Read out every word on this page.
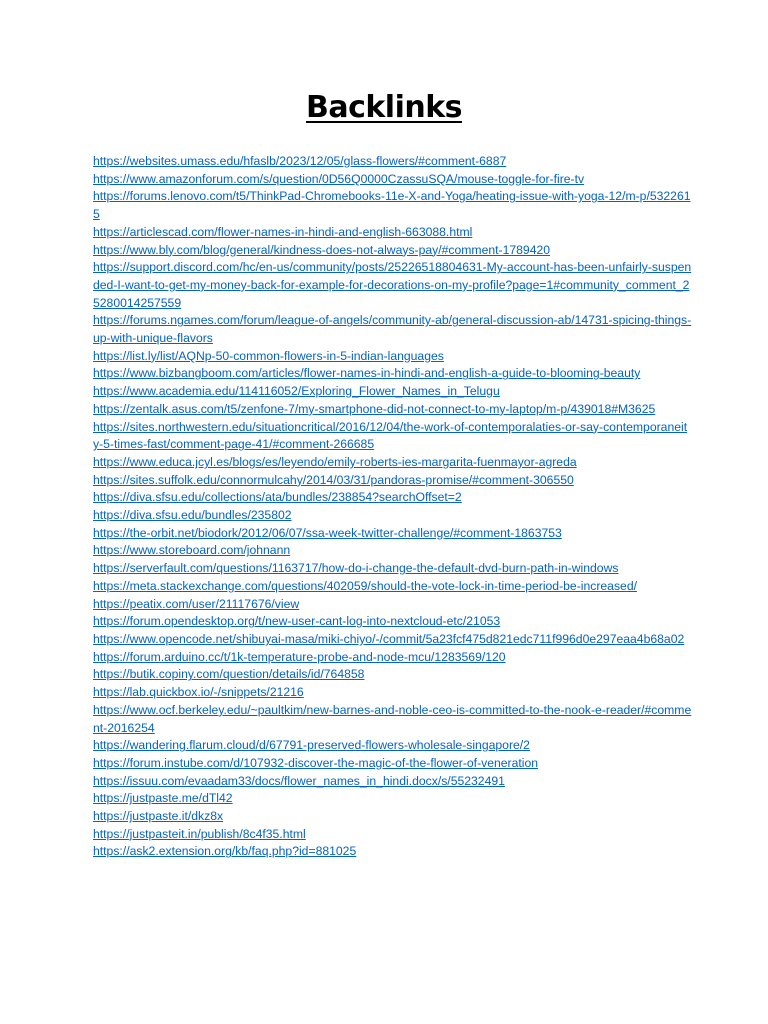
Backlinks
https://websites.umass.edu/hfaslb/2023/12/05/glass-flowers/#comment-6887
https://www.amazonforum.com/s/question/0D56Q0000CzassuSQA/mouse-toggle-for-fire-tv
https://forums.lenovo.com/t5/ThinkPad-Chromebooks-11e-X-and-Yoga/heating-issue-with-yoga-12/m-p/5322615
https://articlescad.com/flower-names-in-hindi-and-english-663088.html
https://www.bly.com/blog/general/kindness-does-not-always-pay/#comment-1789420
https://support.discord.com/hc/en-us/community/posts/25226518804631-My-account-has-been-unfairly-suspended-I-want-to-get-my-money-back-for-example-for-decorations-on-my-profile?page=1#community_comment_25280014257559
https://forums.ngames.com/forum/league-of-angels/community-ab/general-discussion-ab/14731-spicing-things-up-with-unique-flavors
https://list.ly/list/AQNp-50-common-flowers-in-5-indian-languages
https://www.bizbangboom.com/articles/flower-names-in-hindi-and-english-a-guide-to-blooming-beauty
https://www.academia.edu/114116052/Exploring_Flower_Names_in_Telugu
https://zentalk.asus.com/t5/zenfone-7/my-smartphone-did-not-connect-to-my-laptop/m-p/439018#M3625
https://sites.northwestern.edu/situationcritical/2016/12/04/the-work-of-contemporalaties-or-say-contemporaneity-5-times-fast/comment-page-41/#comment-266685
https://www.educa.jcyl.es/blogs/es/leyendo/emily-roberts-ies-margarita-fuenmayor-agreda
https://sites.suffolk.edu/connormulcahy/2014/03/31/pandoras-promise/#comment-306550
https://diva.sfsu.edu/collections/ata/bundles/238854?searchOffset=2
https://diva.sfsu.edu/bundles/235802
https://the-orbit.net/biodork/2012/06/07/ssa-week-twitter-challenge/#comment-1863753
https://www.storeboard.com/johnann
https://serverfault.com/questions/1163717/how-do-i-change-the-default-dvd-burn-path-in-windows
https://meta.stackexchange.com/questions/402059/should-the-vote-lock-in-time-period-be-increased/
https://peatix.com/user/21117676/view
https://forum.opendesktop.org/t/new-user-cant-log-into-nextcloud-etc/21053
https://www.opencode.net/shibuyai-masa/miki-chiyo/-/commit/5a23fcf475d821edc711f996d0e297eaa4b68a02
https://forum.arduino.cc/t/1k-temperature-probe-and-node-mcu/1283569/120
https://butik.copiny.com/question/details/id/764858
https://lab.quickbox.io/-/snippets/21216
https://www.ocf.berkeley.edu/~paultkim/new-barnes-and-noble-ceo-is-committed-to-the-nook-e-reader/#comment-2016254
https://wandering.flarum.cloud/d/67791-preserved-flowers-wholesale-singapore/2
https://forum.instube.com/d/107932-discover-the-magic-of-the-flower-of-veneration
https://issuu.com/evaadam33/docs/flower_names_in_hindi.docx/s/55232491
https://justpaste.me/dTl42
https://justpaste.it/dkz8x
https://justpasteit.in/publish/8c4f35.html
https://ask2.extension.org/kb/faq.php?id=881025
